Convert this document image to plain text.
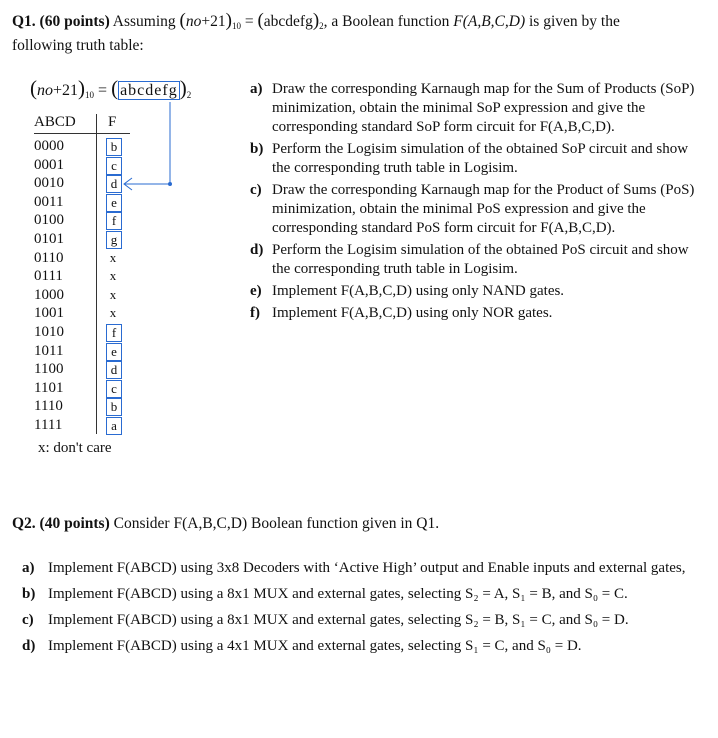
Q1. (60 points) Assuming $(no+21)_{10}$ = $(abcdefg)_2$, a Boolean function F(A,B,C,D) is given by the
following truth table:
$(no+21)_{10}$ = ( $abcdefg)_2$
ABCD F
0000	b
0001	c
0010	d
0011	e
0100	f
0101	g
0110	x
0111	x
1000	x
1001	x
1010	f
1011	e
1100	d
1101	c
1110	b
1111	a
x: don't care
a) Draw the corresponding Karnaugh map for the Sum of Products (SoP) minimization, obtain the minimal SoP expression and give the corresponding standard SoP form circuit for F(A,B,C,D).
b) Perform the Logisim simulation of the obtained SoP circuit and show the corresponding truth table in Logisim.
c) Draw the corresponding Karnaugh map for the Product of Sums (PoS) minimization, obtain the minimal PoS expression and give the corresponding standard PoS form circuit for F(A,B,C,D).
d) Perform the Logisim simulation of the obtained PoS circuit and show the corresponding truth table in Logisim.
e) Implement F(A,B,C,D) using only NAND gates.
f) Implement F(A,B,C,D) using only NOR gates.
Q2. (40 points) Consider F(A,B,C,D) Boolean function given in Q1.
a) Implement F(ABCD) using 3x8 Decoders with ‘Active High’ output and Enable inputs and external gates,
b) Implement F(ABCD) using a 8x1 MUX and external gates, selecting S₂ = A, S₁ = B, and S₀ = C.
c) Implement F(ABCD) using a 8x1 MUX and external gates, selecting S₂ = B, S₁ = C, and S₀ = D.
d) Implement F(ABCD) using a 4x1 MUX and external gates, selecting S₁ = C, and S₀ = D.
